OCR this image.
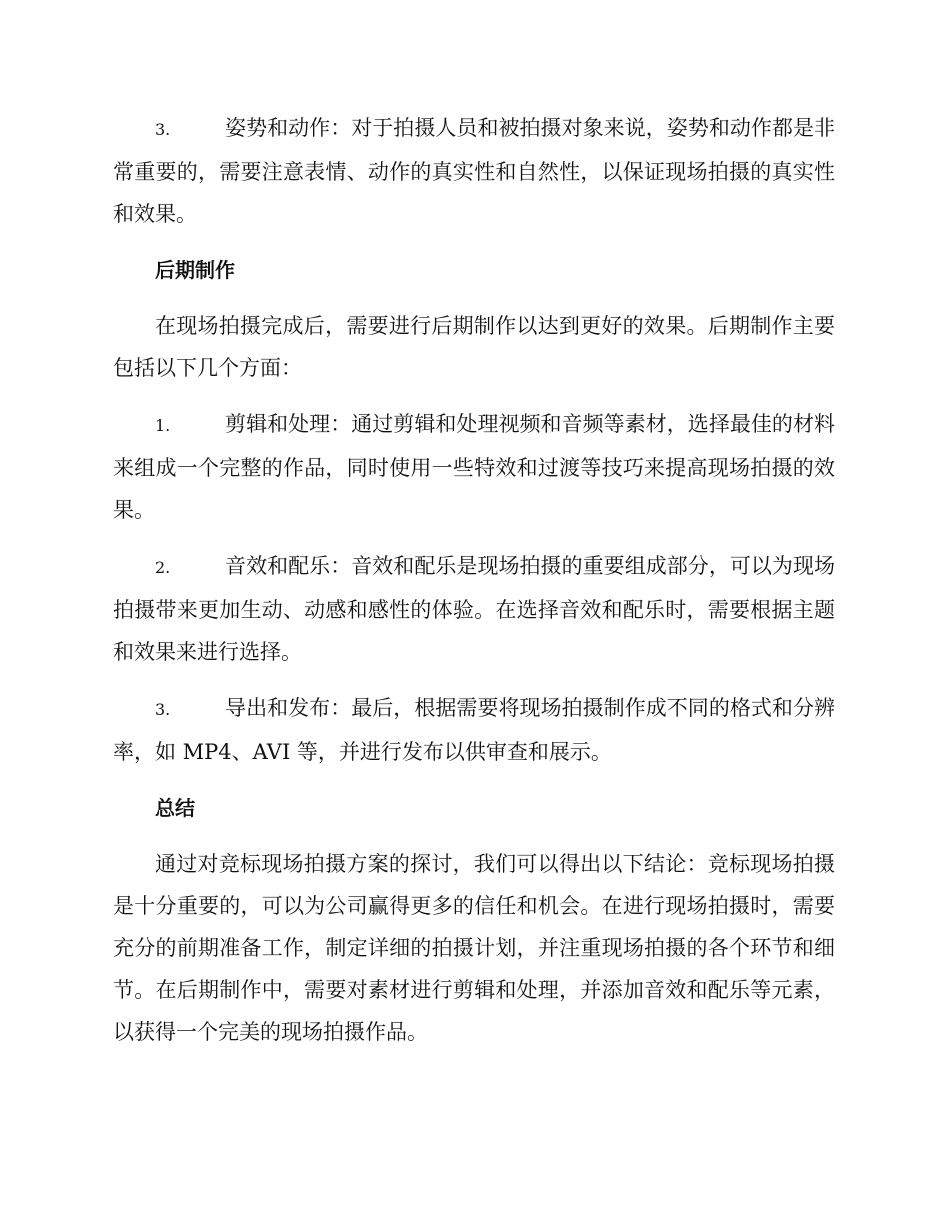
3.	姿势和动作：对于拍摄人员和被拍摄对象来说，姿势和动作都是非常重要的，需要注意表情、动作的真实性和自然性，以保证现场拍摄的真实性和效果。

后期制作

在现场拍摄完成后，需要进行后期制作以达到更好的效果。后期制作主要包括以下几个方面：

1.	剪辑和处理：通过剪辑和处理视频和音频等素材，选择最佳的材料来组成一个完整的作品，同时使用一些特效和过渡等技巧来提高现场拍摄的效果。

2.	音效和配乐：音效和配乐是现场拍摄的重要组成部分，可以为现场拍摄带来更加生动、动感和感性的体验。在选择音效和配乐时，需要根据主题和效果来进行选择。

3.	导出和发布：最后，根据需要将现场拍摄制作成不同的格式和分辨率，如 MP4、AVI 等，并进行发布以供审查和展示。

总结

通过对竞标现场拍摄方案的探讨，我们可以得出以下结论：竞标现场拍摄是十分重要的，可以为公司赢得更多的信任和机会。在进行现场拍摄时，需要充分的前期准备工作，制定详细的拍摄计划，并注重现场拍摄的各个环节和细节。在后期制作中，需要对素材进行剪辑和处理，并添加音效和配乐等元素，以获得一个完美的现场拍摄作品。
